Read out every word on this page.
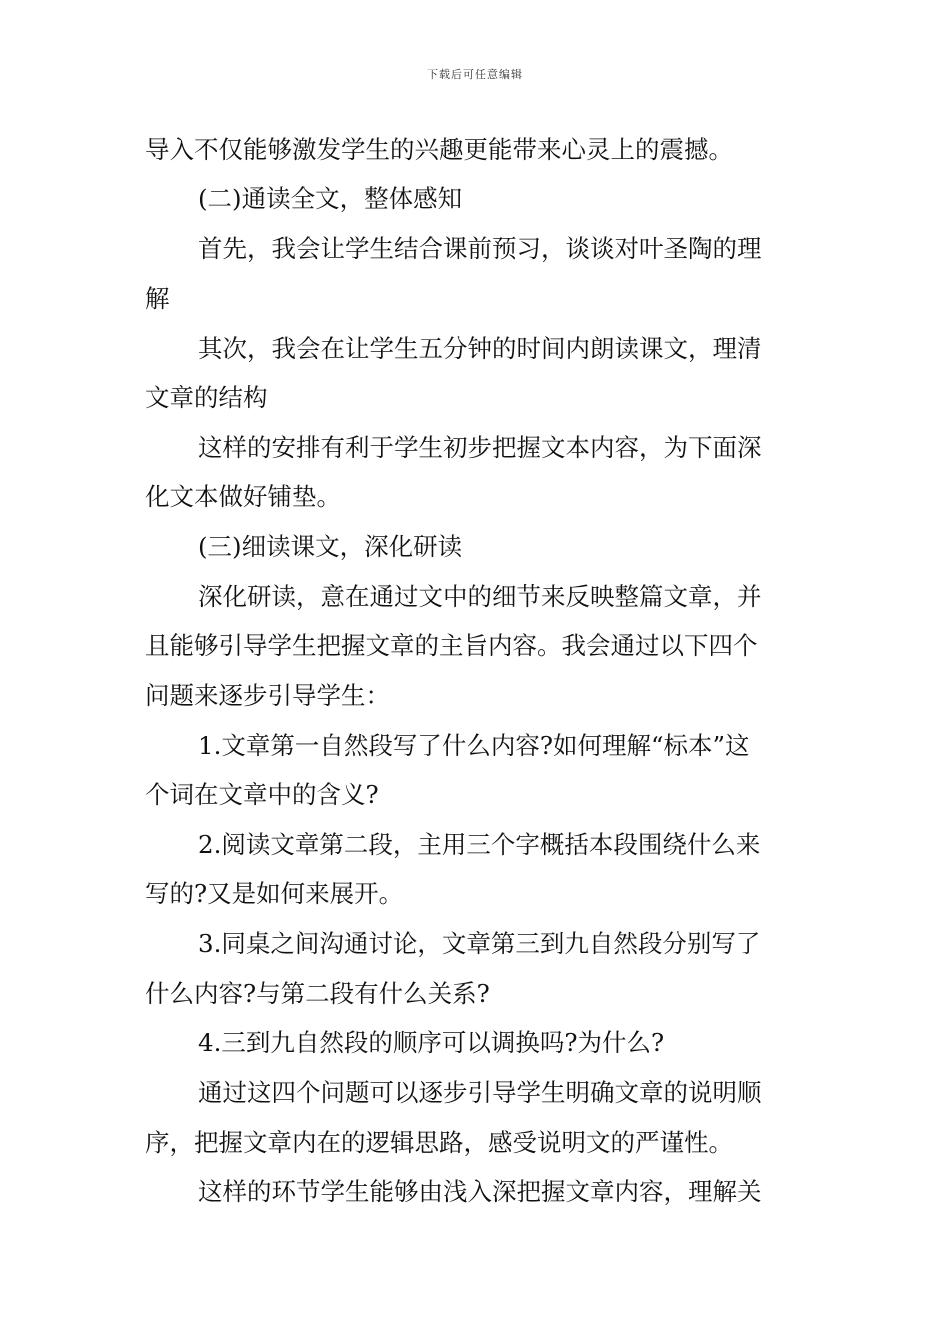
下载后可任意编辑
导入不仅能够激发学生的兴趣更能带来心灵上的震撼。
(二)通读全文，整体感知
首先，我会让学生结合课前预习，谈谈对叶圣陶的理
解
其次，我会在让学生五分钟的时间内朗读课文，理清
文章的结构
这样的安排有利于学生初步把握文本内容，为下面深
化文本做好铺垫。
(三)细读课文，深化研读
深化研读，意在通过文中的细节来反映整篇文章，并
且能够引导学生把握文章的主旨内容。我会通过以下四个
问题来逐步引导学生：
1.文章第一自然段写了什么内容?如何理解“标本”这
个词在文章中的含义?
2.阅读文章第二段，主用三个字概括本段围绕什么来
写的?又是如何来展开。
3.同桌之间沟通讨论，文章第三到九自然段分别写了
什么内容?与第二段有什么关系?
4.三到九自然段的顺序可以调换吗?为什么?
通过这四个问题可以逐步引导学生明确文章的说明顺
序，把握文章内在的逻辑思路，感受说明文的严谨性。
这样的环节学生能够由浅入深把握文章内容，理解关
